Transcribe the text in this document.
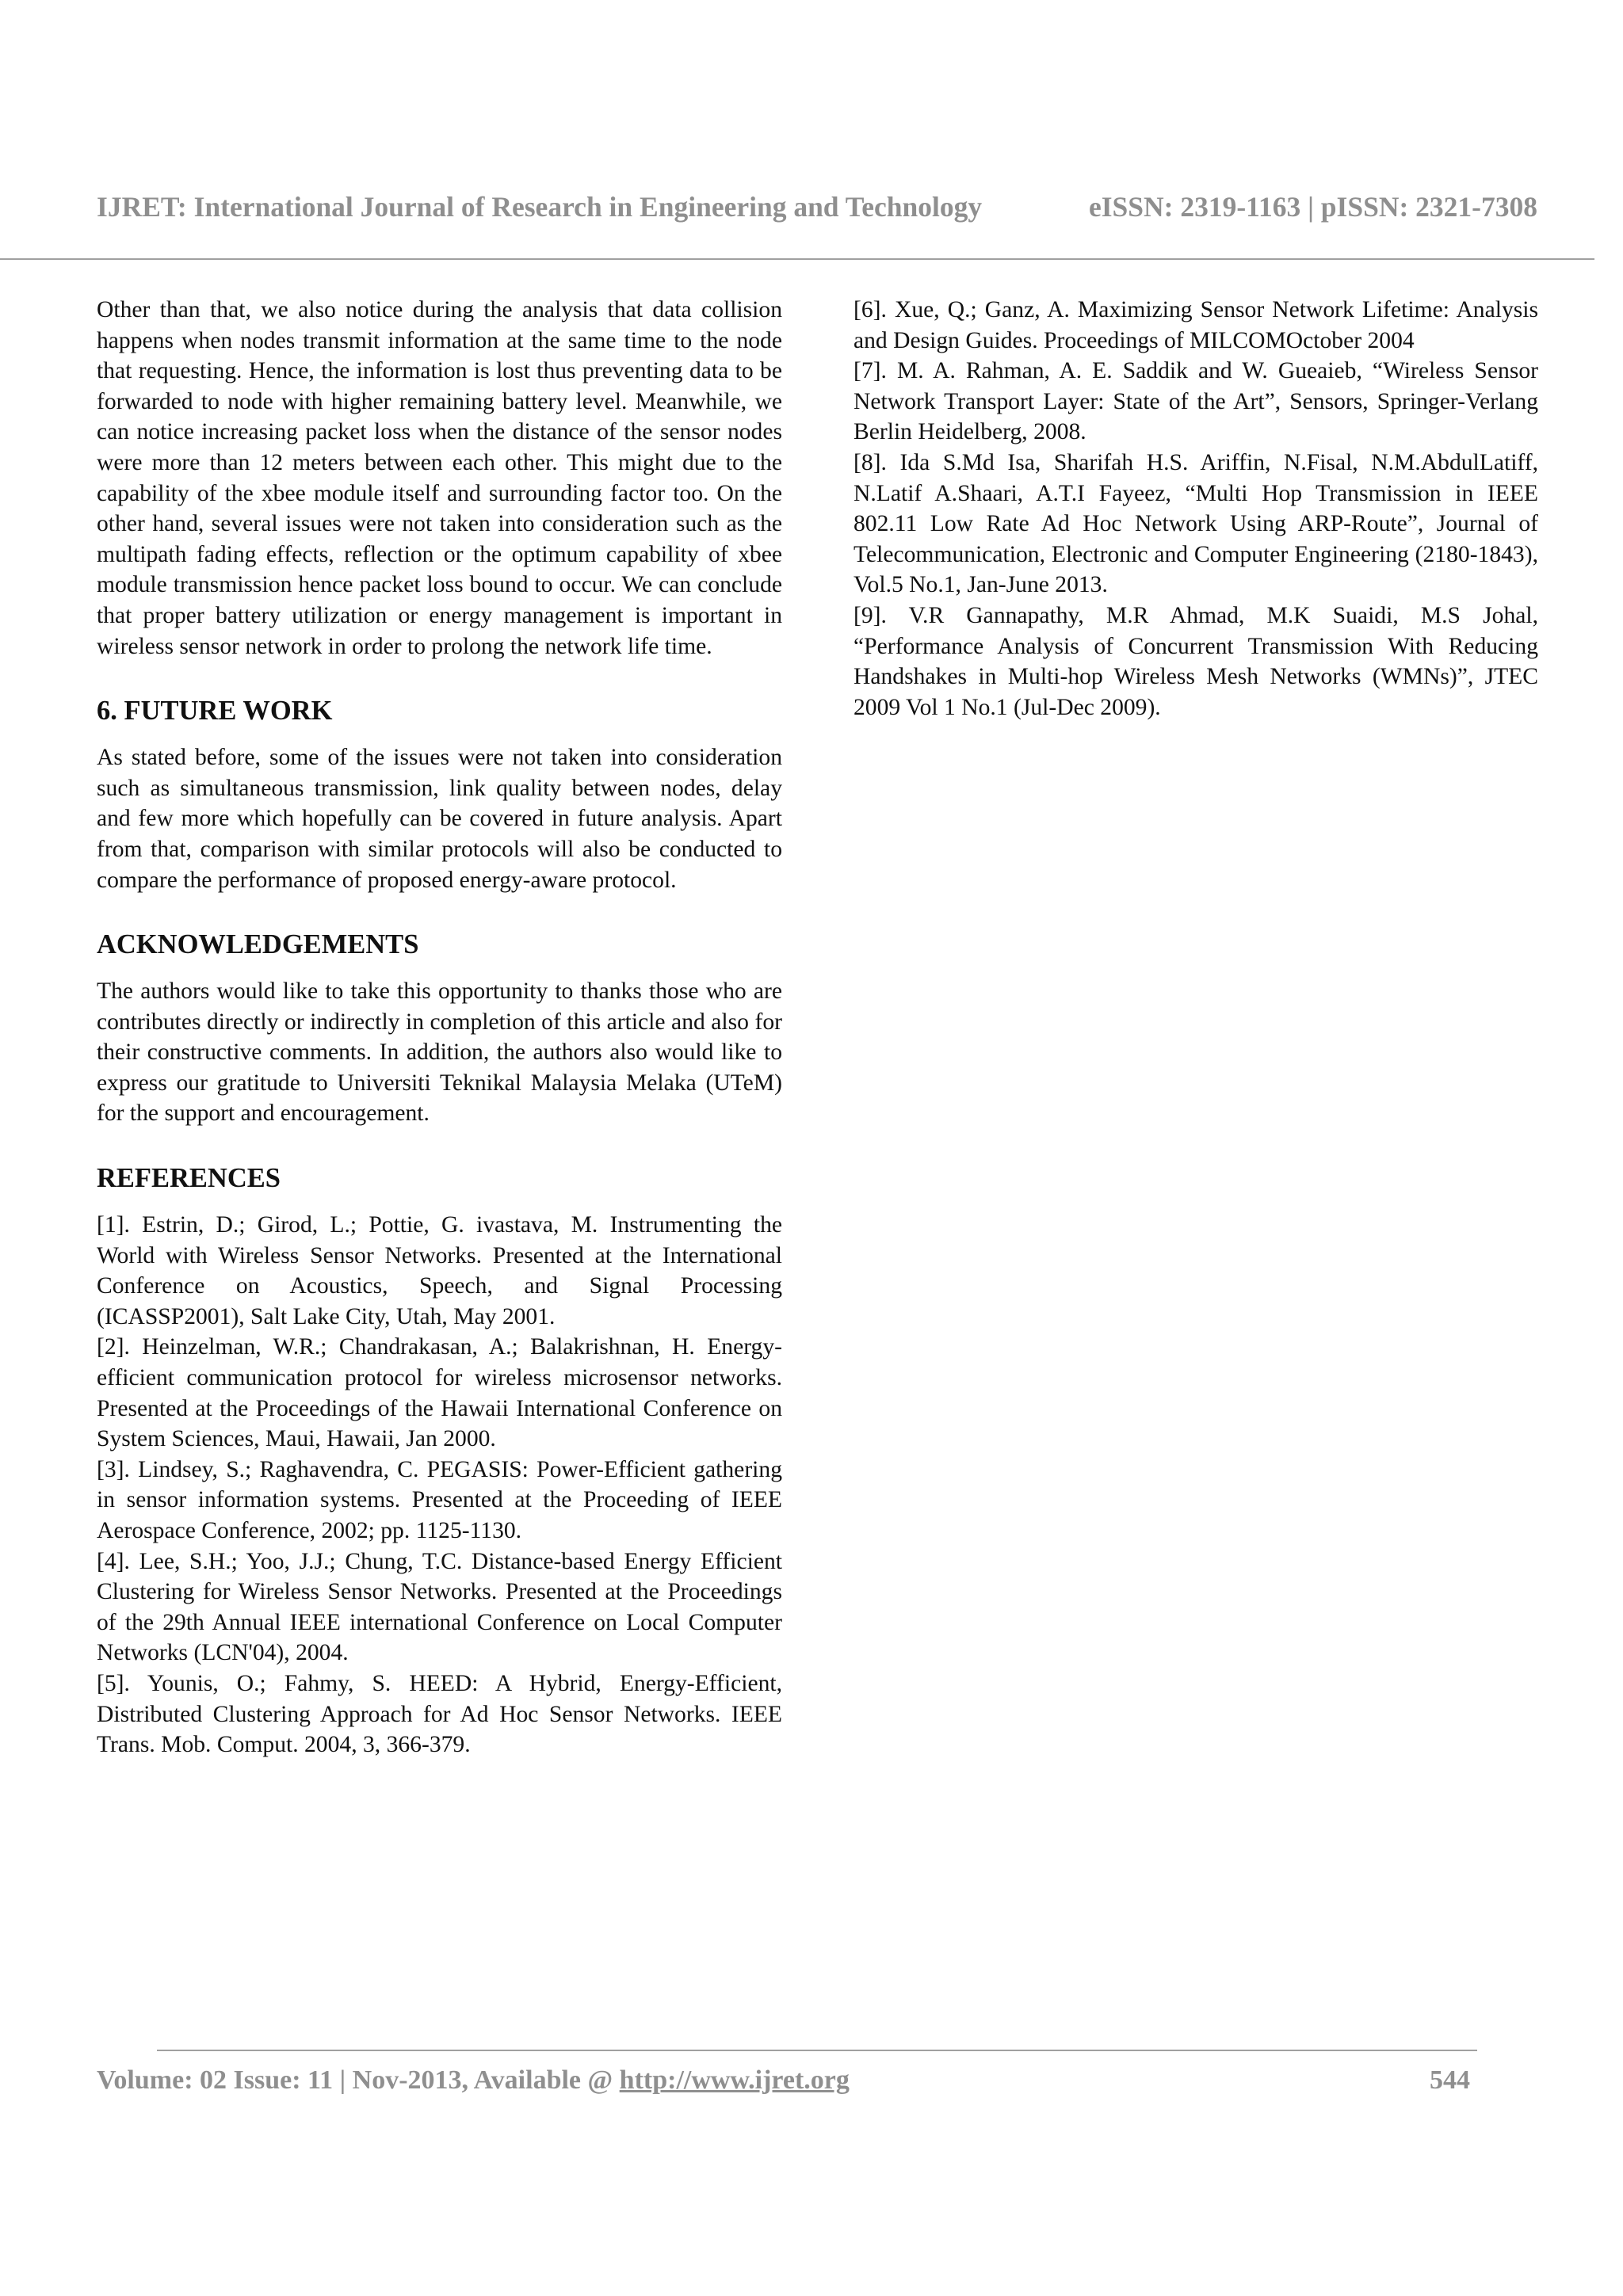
IJRET: International Journal of Research in Engineering and Technology	eISSN: 2319-1163 | pISSN: 2321-7308

Other than that, we also notice during the analysis that data collision happens when nodes transmit information at the same time to the node that requesting. Hence, the information is lost thus preventing data to be forwarded to node with higher remaining battery level. Meanwhile, we can notice increasing packet loss when the distance of the sensor nodes were more than 12 meters between each other. This might due to the capability of the xbee module itself and surrounding factor too. On the other hand, several issues were not taken into consideration such as the multipath fading effects, reflection or the optimum capability of xbee module transmission hence packet loss bound to occur. We can conclude that proper battery utilization or energy management is important in wireless sensor network in order to prolong the network life time.

6. FUTURE WORK

As stated before, some of the issues were not taken into consideration such as simultaneous transmission, link quality between nodes, delay and few more which hopefully can be covered in future analysis. Apart from that, comparison with similar protocols will also be conducted to compare the performance of proposed energy-aware protocol.

ACKNOWLEDGEMENTS

The authors would like to take this opportunity to thanks those who are contributes directly or indirectly in completion of this article and also for their constructive comments. In addition, the authors also would like to express our gratitude to Universiti Teknikal Malaysia Melaka (UTeM) for the support and encouragement.

REFERENCES

[1]. Estrin, D.; Girod, L.; Pottie, G. ivastava, M. Instrumenting the World with Wireless Sensor Networks. Presented at the International Conference on Acoustics, Speech, and Signal Processing (ICASSP2001), Salt Lake City, Utah, May 2001.

[2]. Heinzelman, W.R.; Chandrakasan, A.; Balakrishnan, H. Energy-efficient communication protocol for wireless microsensor networks. Presented at the Proceedings of the Hawaii International Conference on System Sciences, Maui, Hawaii, Jan 2000.

[3]. Lindsey, S.; Raghavendra, C. PEGASIS: Power-Efficient gathering in sensor information systems. Presented at the Proceeding of IEEE Aerospace Conference, 2002; pp. 1125-1130.

[4]. Lee, S.H.; Yoo, J.J.; Chung, T.C. Distance-based Energy Efficient Clustering for Wireless Sensor Networks. Presented at the Proceedings of the 29th Annual IEEE international Conference on Local Computer Networks (LCN'04), 2004.

[5]. Younis, O.; Fahmy, S. HEED: A Hybrid, Energy-Efficient, Distributed Clustering Approach for Ad Hoc Sensor Networks. IEEE Trans. Mob. Comput. 2004, 3, 366-379.

[6]. Xue, Q.; Ganz, A. Maximizing Sensor Network Lifetime: Analysis and Design Guides. Proceedings of MILCOMOctober 2004

[7]. M. A. Rahman, A. E. Saddik and W. Gueaieb, “Wireless Sensor Network Transport Layer: State of the Art”, Sensors, Springer-Verlang Berlin Heidelberg, 2008.

[8]. Ida S.Md Isa, Sharifah H.S. Ariffin, N.Fisal, N.M.AbdulLatiff, N.Latif A.Shaari, A.T.I Fayeez, “Multi Hop Transmission in IEEE 802.11 Low Rate Ad Hoc Network Using ARP-Route”, Journal of Telecommunication, Electronic and Computer Engineering (2180-1843), Vol.5 No.1, Jan-June 2013.

[9]. V.R Gannapathy, M.R Ahmad, M.K Suaidi, M.S Johal, “Performance Analysis of Concurrent Transmission With Reducing Handshakes in Multi-hop Wireless Mesh Networks (WMNs)”, JTEC 2009 Vol 1 No.1 (Jul-Dec 2009).

Volume: 02 Issue: 11 | Nov-2013, Available @ http://www.ijret.org	544
